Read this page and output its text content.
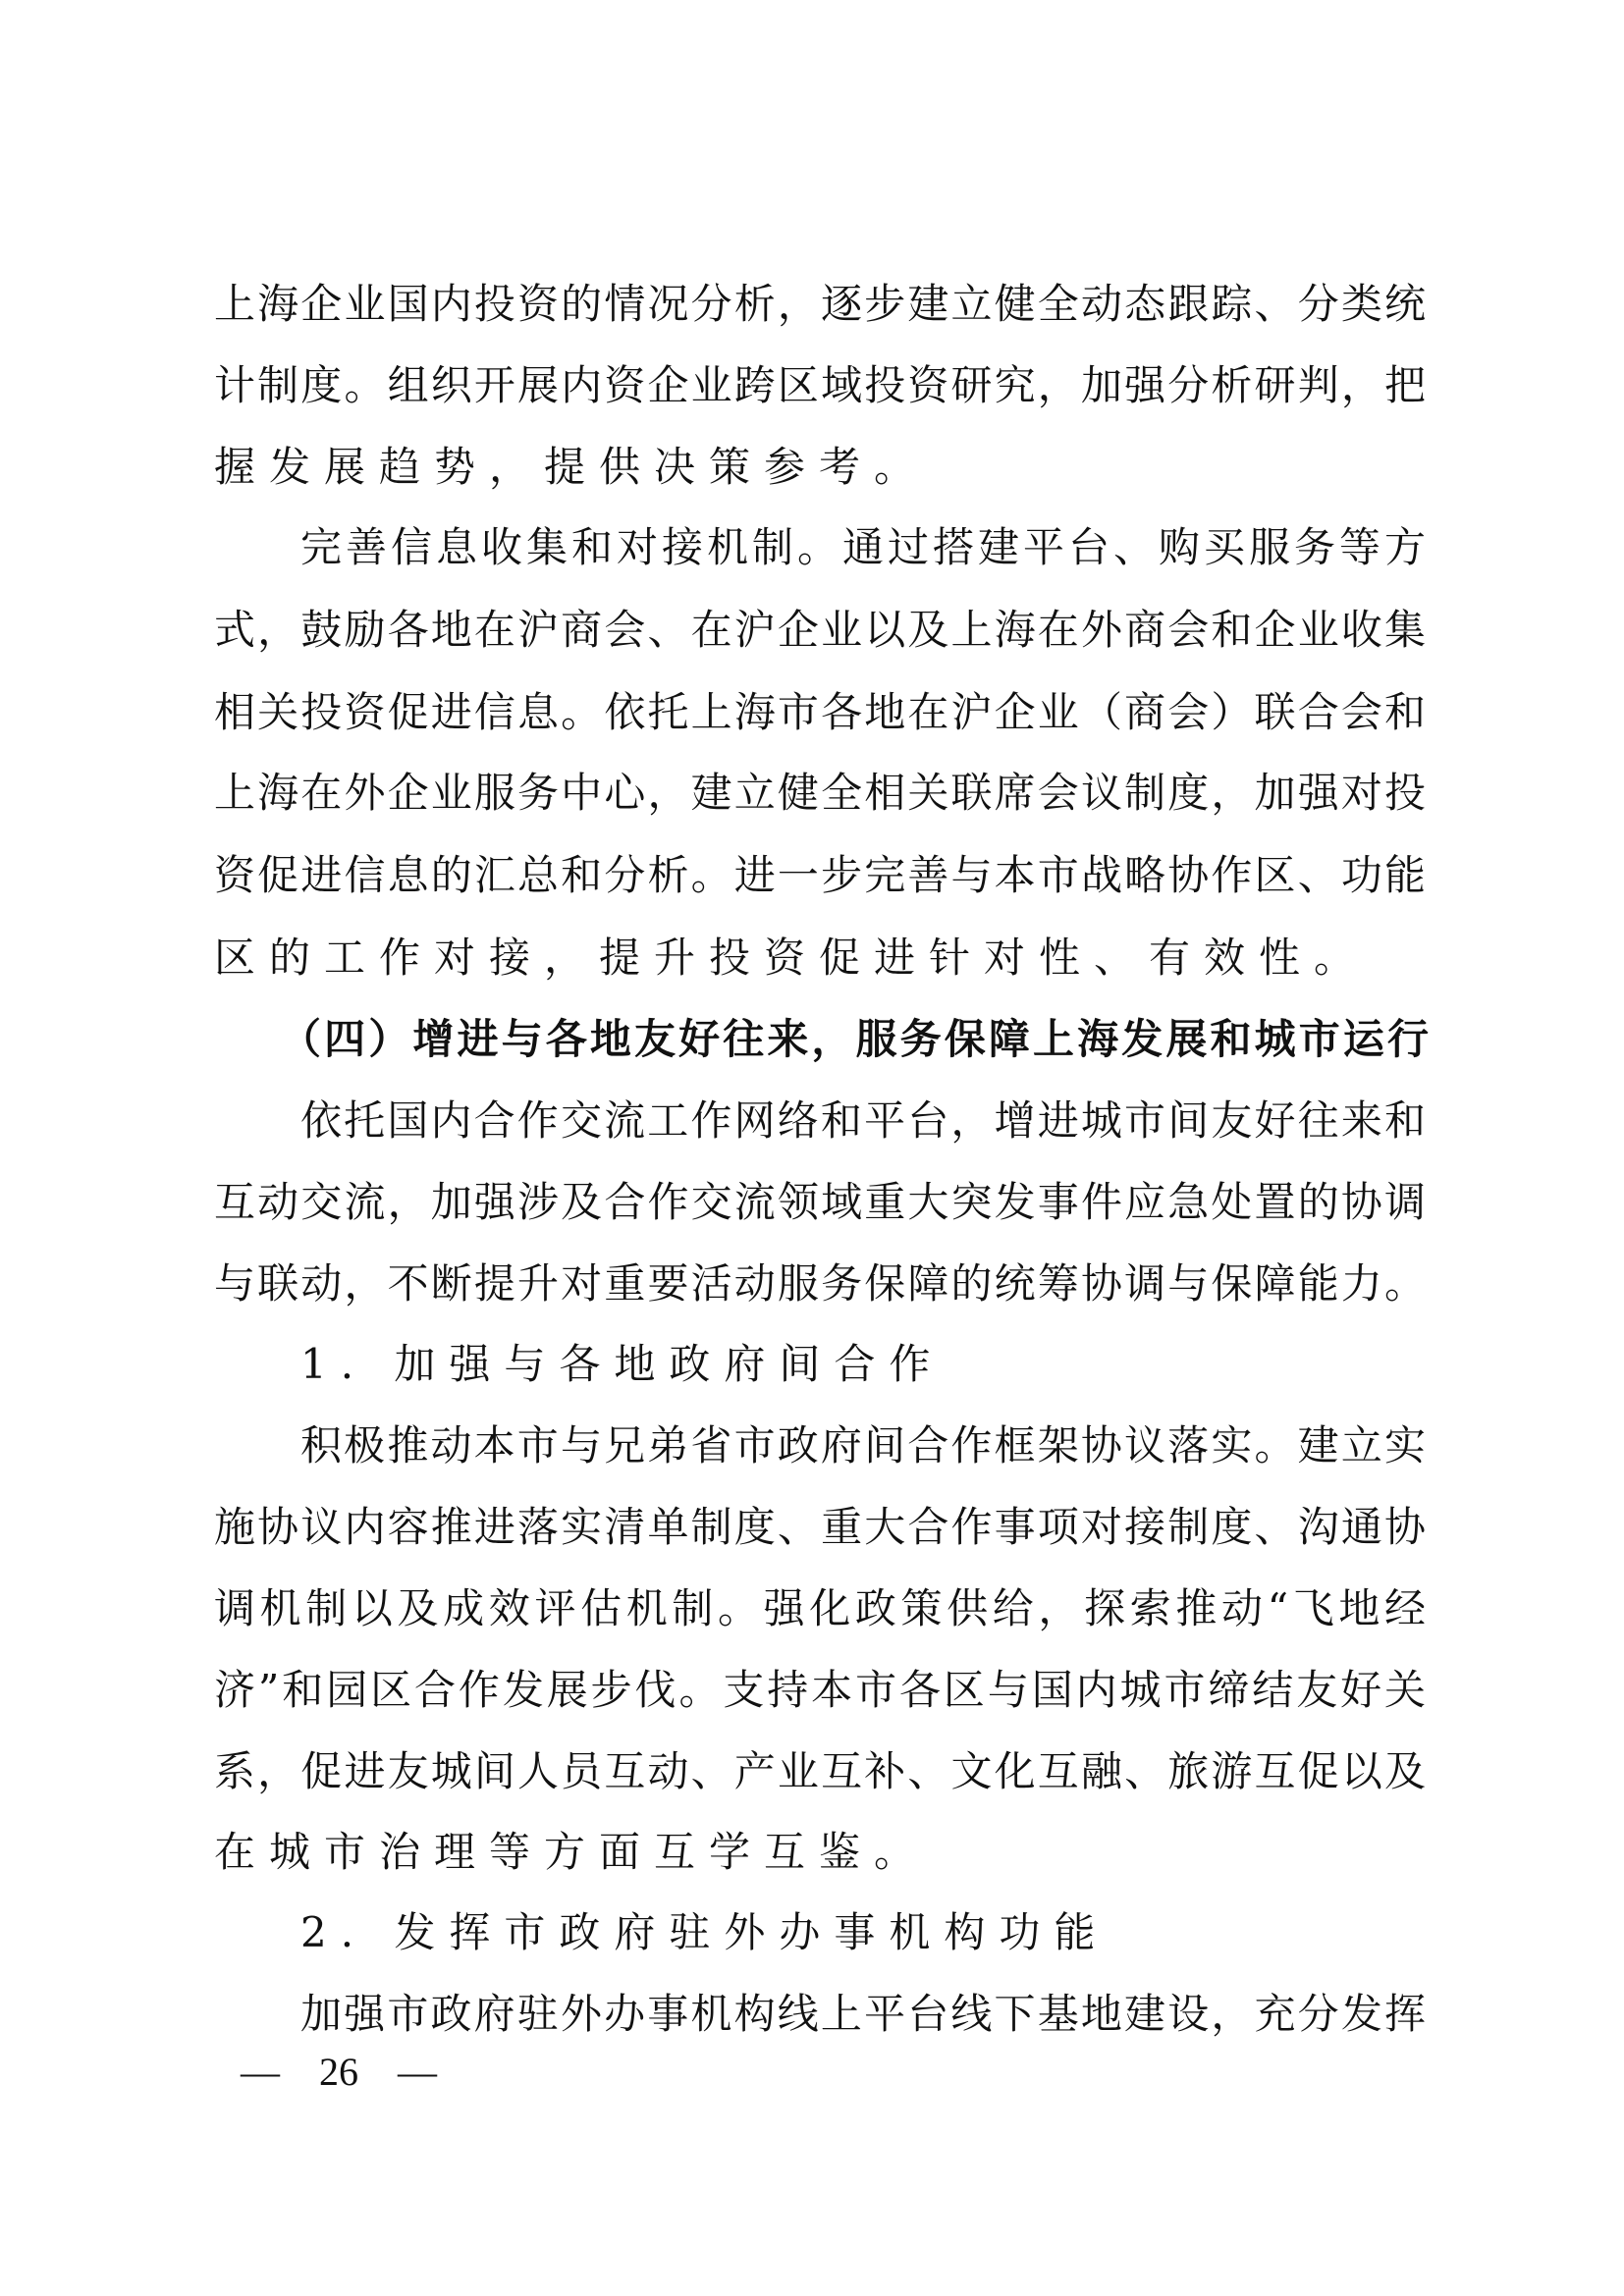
上海企业国内投资的情况分析，逐步建立健全动态跟踪、分类统
计制度。组织开展内资企业跨区域投资研究，加强分析研判，把
握发展趋势，提供决策参考。
完善信息收集和对接机制。通过搭建平台、购买服务等方
式，鼓励各地在沪商会、在沪企业以及上海在外商会和企业收集
相关投资促进信息。依托上海市各地在沪企业（商会）联合会和
上海在外企业服务中心，建立健全相关联席会议制度，加强对投
资促进信息的汇总和分析。进一步完善与本市战略协作区、功能
区的工作对接，提升投资促进针对性、有效性。
（四）增进与各地友好往来，服务保障上海发展和城市运行
依托国内合作交流工作网络和平台，增进城市间友好往来和
互动交流，加强涉及合作交流领域重大突发事件应急处置的协调
与联动，不断提升对重要活动服务保障的统筹协调与保障能力。
1. 加强与各地政府间合作
积极推动本市与兄弟省市政府间合作框架协议落实。建立实
施协议内容推进落实清单制度、重大合作事项对接制度、沟通协
调机制以及成效评估机制。强化政策供给，探索推动“飞地经
济”和园区合作发展步伐。支持本市各区与国内城市缔结友好关
系，促进友城间人员互动、产业互补、文化互融、旅游互促以及
在城市治理等方面互学互鉴。
2. 发挥市政府驻外办事机构功能
加强市政府驻外办事机构线上平台线下基地建设，充分发挥
—　26　—
